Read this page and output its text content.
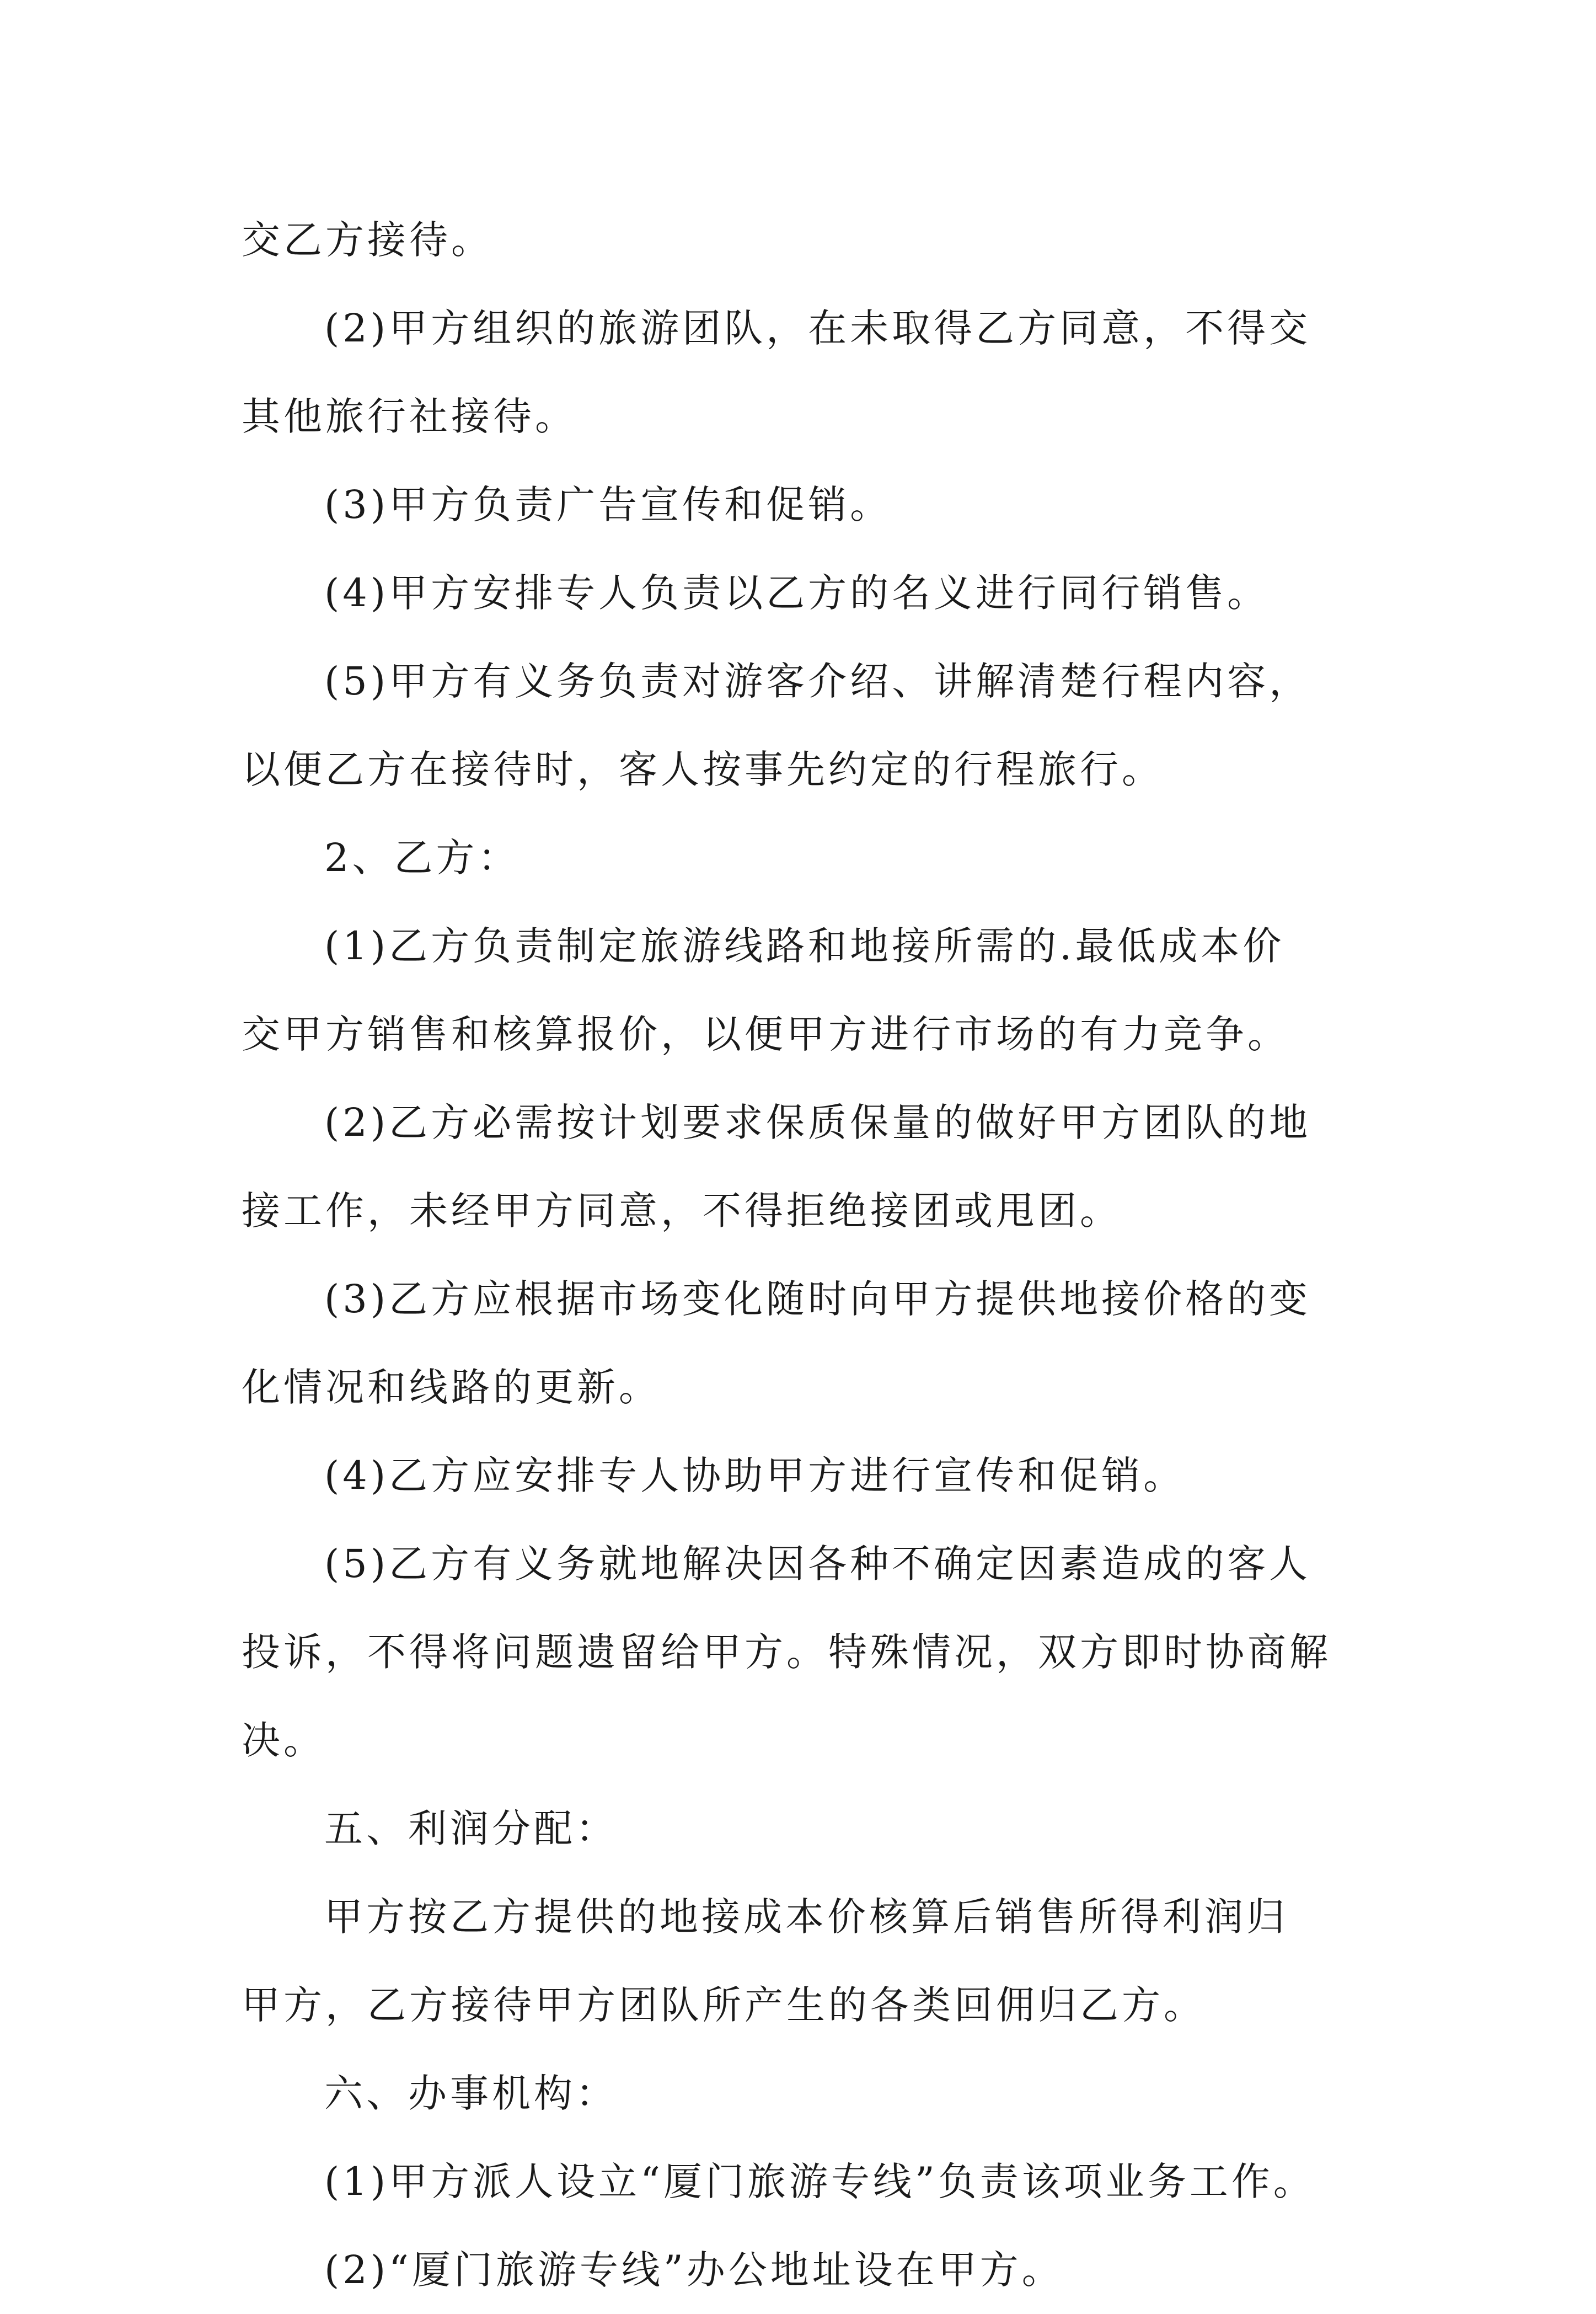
交乙方接待。
(2)甲方组织的旅游团队，在未取得乙方同意，不得交
其他旅行社接待。
(3)甲方负责广告宣传和促销。
(4)甲方安排专人负责以乙方的名义进行同行销售。
(5)甲方有义务负责对游客介绍、讲解清楚行程内容，
以便乙方在接待时，客人按事先约定的行程旅行。
2、乙方：
(1)乙方负责制定旅游线路和地接所需的.最低成本价
交甲方销售和核算报价，以便甲方进行市场的有力竞争。
(2)乙方必需按计划要求保质保量的做好甲方团队的地
接工作，未经甲方同意，不得拒绝接团或甩团。
(3)乙方应根据市场变化随时向甲方提供地接价格的变
化情况和线路的更新。
(4)乙方应安排专人协助甲方进行宣传和促销。
(5)乙方有义务就地解决因各种不确定因素造成的客人
投诉，不得将问题遗留给甲方。特殊情况，双方即时协商解
决。
五、利润分配：
甲方按乙方提供的地接成本价核算后销售所得利润归
甲方，乙方接待甲方团队所产生的各类回佣归乙方。
六、办事机构：
(1)甲方派人设立“厦门旅游专线”负责该项业务工作。
(2)“厦门旅游专线”办公地址设在甲方。
